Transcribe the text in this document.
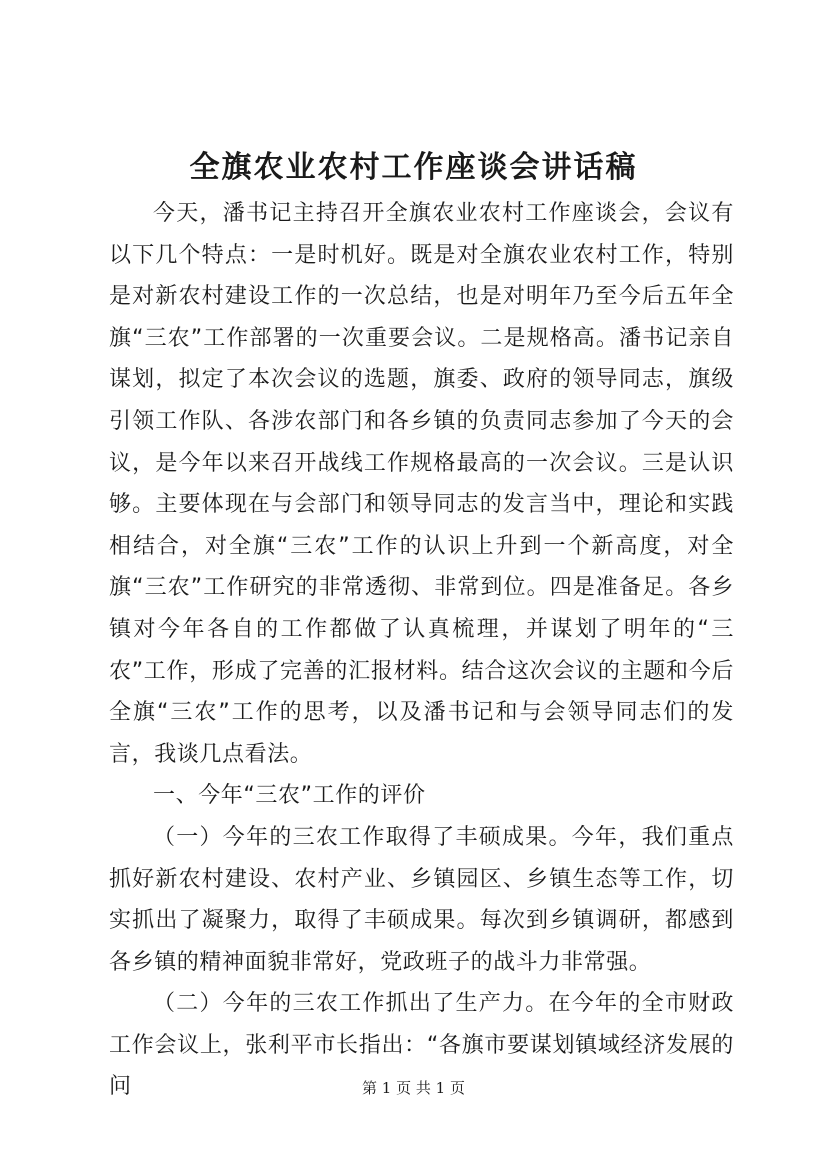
全旗农业农村工作座谈会讲话稿

今天，潘书记主持召开全旗农业农村工作座谈会，会议有以下几个特点：一是时机好。既是对全旗农业农村工作，特别是对新农村建设工作的一次总结，也是对明年乃至今后五年全旗“三农”工作部署的一次重要会议。二是规格高。潘书记亲自谋划，拟定了本次会议的选题，旗委、政府的领导同志，旗级引领工作队、各涉农部门和各乡镇的负责同志参加了今天的会议，是今年以来召开战线工作规格最高的一次会议。三是认识够。主要体现在与会部门和领导同志的发言当中，理论和实践相结合，对全旗“三农”工作的认识上升到一个新高度，对全旗“三农”工作研究的非常透彻、非常到位。四是准备足。各乡镇对今年各自的工作都做了认真梳理，并谋划了明年的“三农”工作，形成了完善的汇报材料。结合这次会议的主题和今后全旗“三农”工作的思考，以及潘书记和与会领导同志们的发言，我谈几点看法。

一、今年“三农”工作的评价

（一）今年的三农工作取得了丰硕成果。今年，我们重点抓好新农村建设、农村产业、乡镇园区、乡镇生态等工作，切实抓出了凝聚力，取得了丰硕成果。每次到乡镇调研，都感到各乡镇的精神面貌非常好，党政班子的战斗力非常强。

（二）今年的三农工作抓出了生产力。在今年的全市财政工作会议上，张利平市长指出：“各旗市要谋划镇域经济发展的问	第 1 页 共 1 页
